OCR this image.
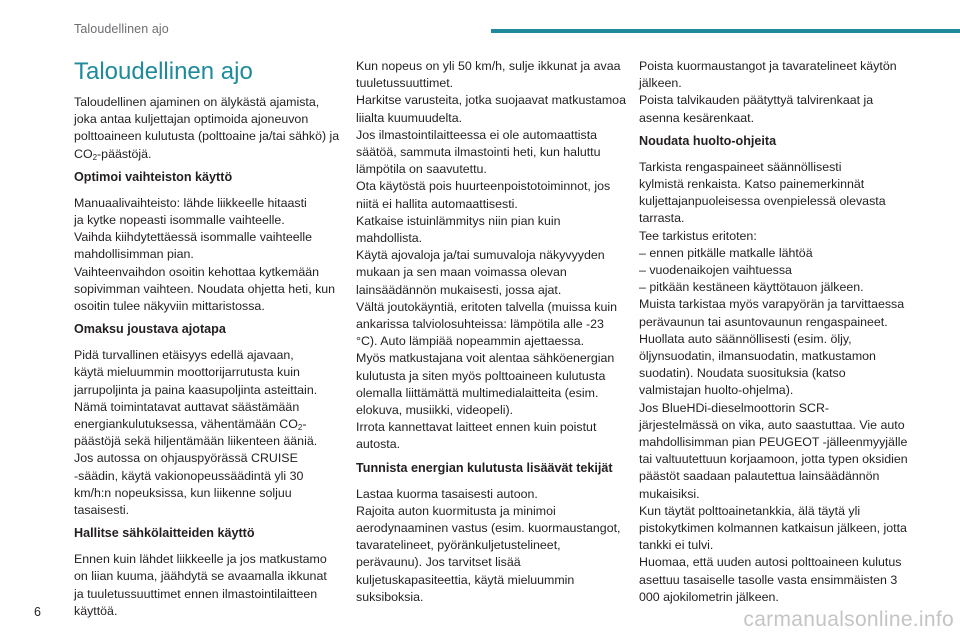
Taloudellinen ajo
Taloudellinen ajo

Taloudellinen ajaminen on älykästä ajamista,
joka antaa kuljettajan optimoida ajoneuvon
polttoaineen kulutusta (polttoaine ja/tai sähkö) ja
$CO_2$-päästöjä.

Optimoi vaihteiston käyttö

Manuaalivaihteisto: lähde liikkeelle hitaasti
ja kytke nopeasti isommalle vaihteelle.
Vaihda kiihdytettäessä isommalle vaihteelle
mahdollisimman pian.
Vaihteenvaihdon osoitin kehottaa kytkemään
sopivimman vaihteen. Noudata ohjetta heti, kun
osoitin tulee näkyviin mittaristossa.

Omaksu joustava ajotapa

Pidä turvallinen etäisyys edellä ajavaan,
käytä mieluummin moottorijarrutusta kuin
jarrupoljinta ja paina kaasupoljinta asteittain.
Nämä toimintatavat auttavat säästämään
energiankulutuksessa, vähentämään $CO_2-$
päästöjä sekä hiljentämään liikenteen ääniä.
Jos autossa on ohjauspyörässä CRUISE
-säädin, käytä vakionopeussäädintä yli 30
km/h:n nopeuksissa, kun liikenne soljuu
tasaisesti.

Hallitse sähkölaitteiden käyttö

Ennen kuin lähdet liikkeelle ja jos matkustamo
on liian kuuma, jäähdytä se avaamalla ikkunat
ja tuuletussuuttimet ennen ilmastointilaitteen
käyttöä.

Kun nopeus on yli 50 km/h, sulje ikkunat ja avaa
tuuletussuuttimet.
Harkitse varusteita, jotka suojaavat matkustamoa
liialta kuumuudelta.
Jos ilmastointilaitteessa ei ole automaattista
säätöä, sammuta ilmastointi heti, kun haluttu
lämpötila on saavutettu.
Ota käytöstä pois huurteenpoistotoiminnot, jos
niitä ei hallita automaattisesti.
Katkaise istuinlämmitys niin pian kuin
mahdollista.
Käytä ajovaloja ja/tai sumuvaloja näkyvyyden
mukaan ja sen maan voimassa olevan
lainsäädännön mukaisesti, jossa ajat.
Vältä joutokäyntiä, eritoten talvella (muissa kuin
ankarissa talviolosuhteissa: lämpötila alle -23
°C). Auto lämpiää nopeammin ajettaessa.
Myös matkustajana voit alentaa sähköenergian
kulutusta ja siten myös polttoaineen kulutusta
olemalla liittämättä multimedialaitteita (esim.
elokuva, musiikki, videopeli).
Irrota kannettavat laitteet ennen kuin poistut
autosta.

Tunnista energian kulutusta lisäävät tekijät

Lastaa kuorma tasaisesti autoon.
Rajoita auton kuormitusta ja minimoi
aerodynaaminen vastus (esim. kuormaustangot,
tavaratelineet, pyöränkuljetustelineet,
perävaunu). Jos tarvitset lisää
kuljetuskapasiteettia, käytä mieluummin
suksiboksia.

Poista kuormaustangot ja tavaratelineet käytön
jälkeen.
Poista talvikauden päätyttyä talvirenkaat ja
asenna kesärenkaat.

Noudata huolto-ohjeita

Tarkista rengaspaineet säännöllisesti
kylmistä renkaista. Katso painemerkinnät
kuljettajanpuoleisessa ovenpielessä olevasta
tarrasta.
Tee tarkistus eritoten:
– ennen pitkälle matkalle lähtöä
– vuodenaikojen vaihtuessa
– pitkään kestäneen käyttötauon jälkeen.
Muista tarkistaa myös varapyörän ja tarvittaessa
perävaunun tai asuntovaunun rengaspaineet.
Huollata auto säännöllisesti (esim. öljy,
öljynsuodatin, ilmansuodatin, matkustamon
suodatin). Noudata suosituksia (katso
valmistajan huolto-ohjelma).
Jos BlueHDi-dieselmoottorin SCR-
järjestelmässä on vika, auto saastuttaa. Vie auto
mahdollisimman pian PEUGEOT -jälleenmyyjälle
tai valtuutettuun korjaamoon, jotta typen oksidien
päästöt saadaan palautettua lainsäädännön
mukaisiksi.
Kun täytät polttoainetankkia, älä täytä yli
pistokytkimen kolmannen katkaisun jälkeen, jotta
tankki ei tulvi.
Huomaa, että uuden autosi polttoaineen kulutus
asettuu tasaiselle tasolle vasta ensimmäisten 3
000 ajokilometrin jälkeen.

6	carmanualsonline.info
